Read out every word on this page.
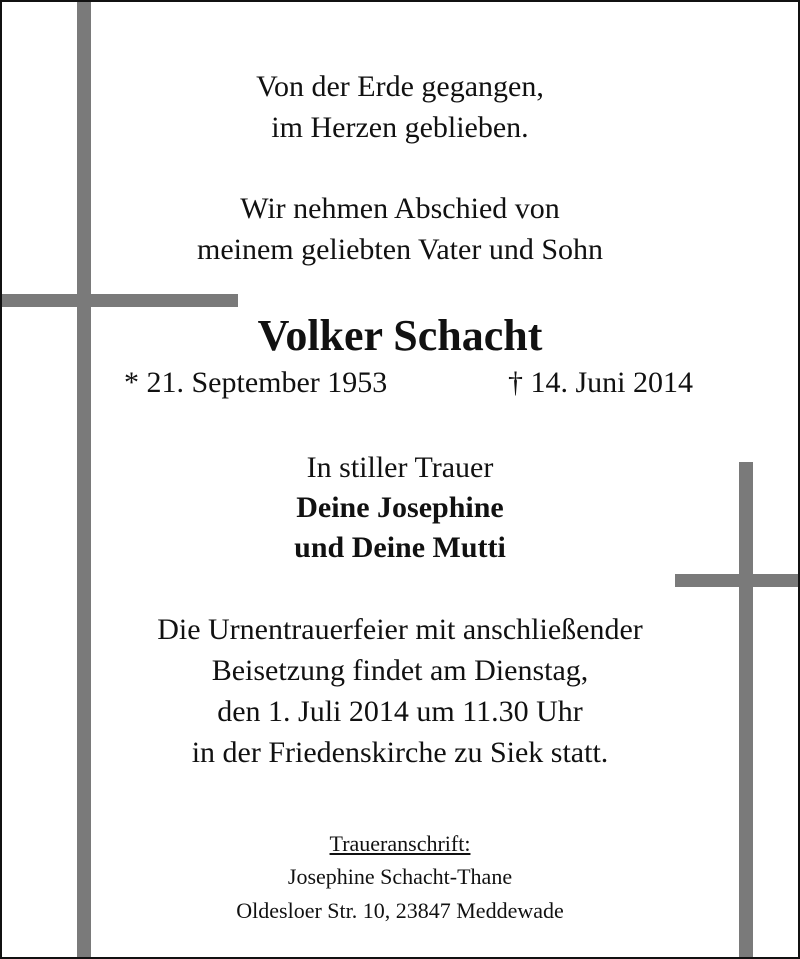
Von der Erde gegangen,
im Herzen geblieben.
Wir nehmen Abschied von
meinem geliebten Vater und Sohn
Volker Schacht
* 21. September 1953	† 14. Juni 2014
In stiller Trauer
Deine Josephine
und Deine Mutti
Die Urnentrauerfeier mit anschließender
Beisetzung findet am Dienstag,
den 1. Juli 2014 um 11.30 Uhr
in der Friedenskirche zu Siek statt.
Traueranschrift:
Josephine Schacht-Thane
Oldesloer Str. 10, 23847 Meddewade
